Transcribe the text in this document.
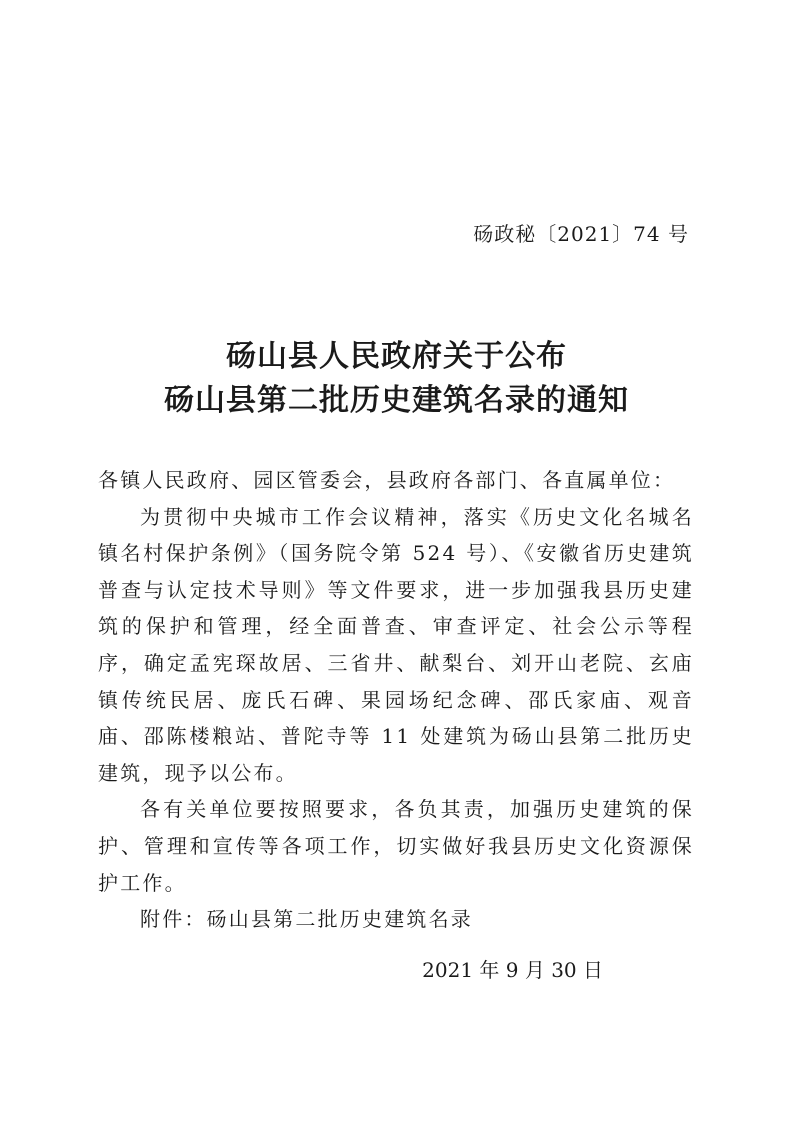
砀政秘〔2021〕74 号
砀山县人民政府关于公布
砀山县第二批历史建筑名录的通知

各镇人民政府、园区管委会，县政府各部门、各直属单位：

为贯彻中央城市工作会议精神，落实《历史文化名城名镇名村保护条例》（国务院令第 524 号）、《安徽省历史建筑普查与认定技术导则》等文件要求，进一步加强我县历史建筑的保护和管理，经全面普查、审查评定、社会公示等程序，确定孟宪琛故居、三省井、献梨台、刘开山老院、玄庙镇传统民居、庞氏石碑、果园场纪念碑、邵氏家庙、观音庙、邵陈楼粮站、普陀寺等 11 处建筑为砀山县第二批历史建筑，现予以公布。

各有关单位要按照要求，各负其责，加强历史建筑的保护、管理和宣传等各项工作，切实做好我县历史文化资源保护工作。

附件：砀山县第二批历史建筑名录

2021 年 9 月 30 日
